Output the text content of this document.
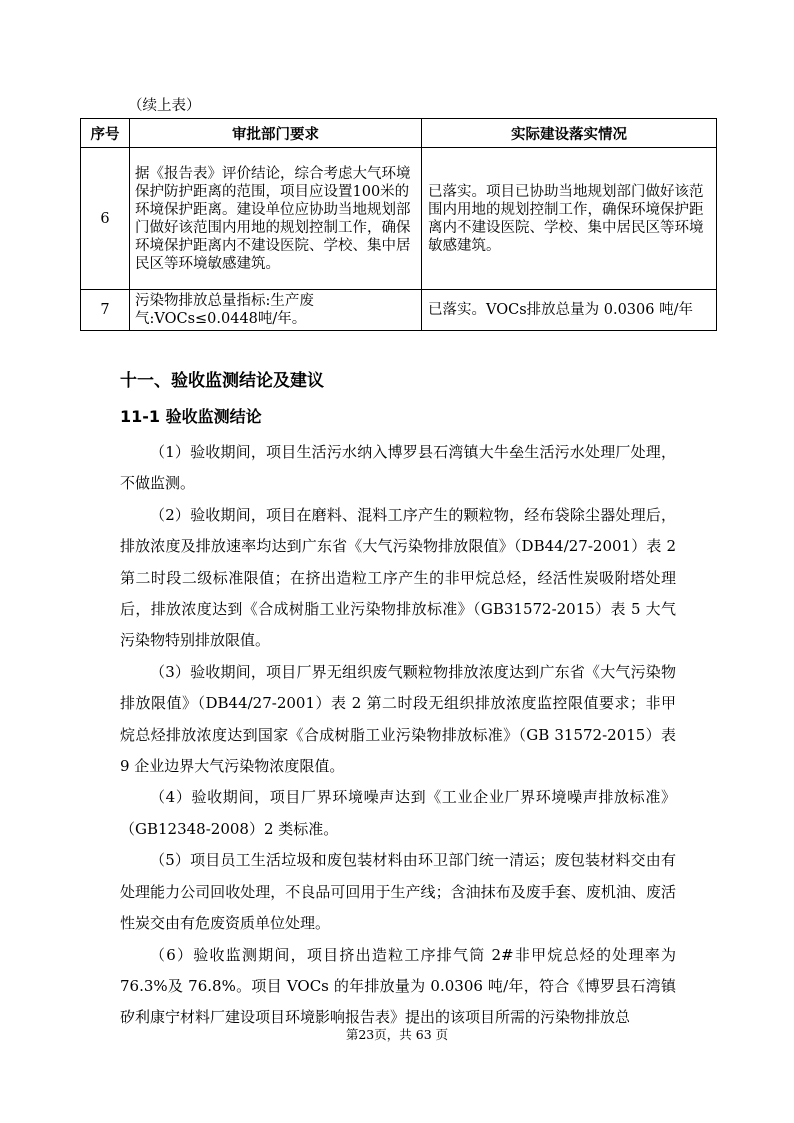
（续上表）
序号	审批部门要求	实际建设落实情况
6	据《报告表》评价结论，综合考虑大气环境保护防护距离的范围，项目应设置100米的环境保护距离。建设单位应协助当地规划部门做好该范围内用地的规划控制工作，确保环境保护距离内不建设医院、学校、集中居民区等环境敏感建筑。	已落实。项目已协助当地规划部门做好该范围内用地的规划控制工作，确保环境保护距离内不建设医院、学校、集中居民区等环境敏感建筑。
7	污染物排放总量指标:生产废气:VOCs≤0.0448吨/年。	已落实。VOCs排放总量为 0.0306 吨/年
十一、验收监测结论及建议
11-1 验收监测结论

（1）验收期间，项目生活污水纳入博罗县石湾镇大牛垒生活污水处理厂处理，不做监测。

（2）验收期间，项目在磨料、混料工序产生的颗粒物，经布袋除尘器处理后，排放浓度及排放速率均达到广东省《大气污染物排放限值》（DB44/27-2001）表 2 第二时段二级标准限值；在挤出造粒工序产生的非甲烷总烃，经活性炭吸附塔处理后，排放浓度达到《合成树脂工业污染物排放标准》（GB31572-2015）表 5 大气污染物特别排放限值。

（3）验收期间，项目厂界无组织废气颗粒物排放浓度达到广东省《大气污染物排放限值》（DB44/27-2001）表 2 第二时段无组织排放浓度监控限值要求；非甲烷总烃排放浓度达到国家《合成树脂工业污染物排放标准》（GB 31572-2015）表 9 企业边界大气污染物浓度限值。

（4）验收期间，项目厂界环境噪声达到《工业企业厂界环境噪声排放标准》（GB12348-2008）2 类标准。

（5）项目员工生活垃圾和废包装材料由环卫部门统一清运；废包装材料交由有处理能力公司回收处理，不良品可回用于生产线；含油抹布及废手套、废机油、废活性炭交由有危废资质单位处理。

（6）验收监测期间，项目挤出造粒工序排气筒 2#非甲烷总烃的处理率为 76.3%及 76.8%。项目 VOCs 的年排放量为 0.0306 吨/年，符合《博罗县石湾镇矽利康宁材料厂建设项目环境影响报告表》提出的该项目所需的污染物排放总

第23页，共 63 页
